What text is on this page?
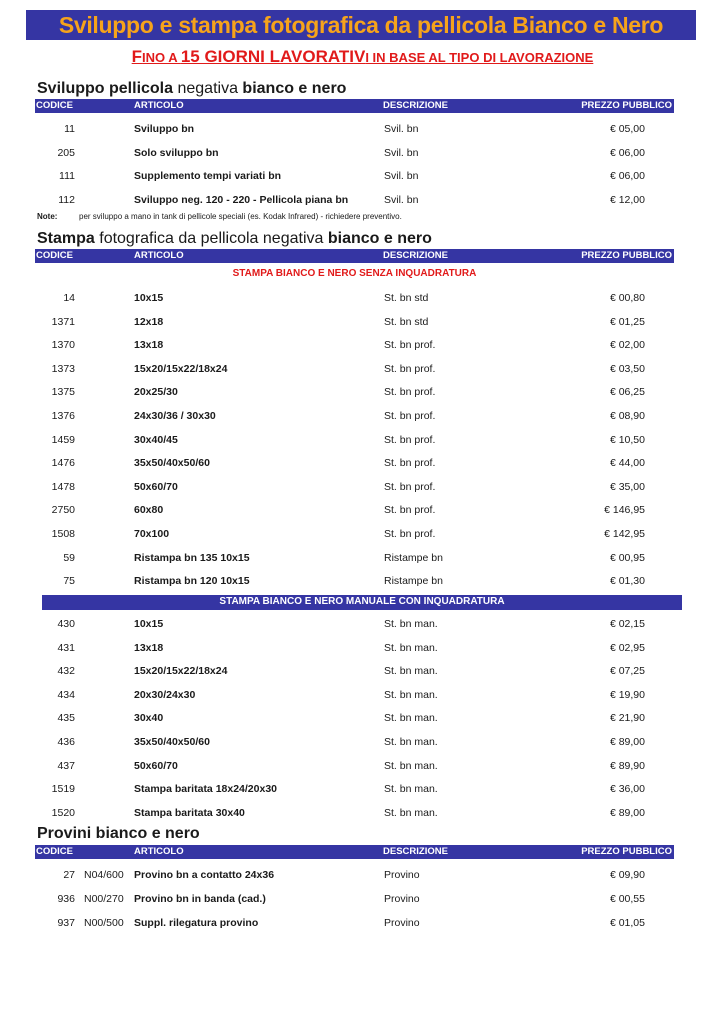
Sviluppo e stampa fotografica da pellicola Bianco e Nero
FINO A 15 GIORNI LAVORATIVI IN BASE AL TIPO DI LAVORAZIONE
Sviluppo pellicola negativa bianco e nero
CODICE	ARTICOLO	DESCRIZIONE	PREZZO PUBBLICO
11	Sviluppo bn	Svil. bn	€ 05,00
205	Solo sviluppo bn	Svil. bn	€ 06,00
111	Supplemento tempi variati bn	Svil. bn	€ 06,00
112	Sviluppo neg. 120 - 220 - Pellicola piana bn	Svil. bn	€ 12,00
Note:	per sviluppo a mano in tank di pellicole speciali (es. Kodak Infrared) - richiedere preventivo.
Stampa fotografica da pellicola negativa bianco e nero
CODICE	ARTICOLO	DESCRIZIONE	PREZZO PUBBLICO
STAMPA BIANCO E NERO SENZA INQUADRATURA
14	10x15	St. bn std	€ 00,80
1371	12x18	St. bn std	€ 01,25
1370	13x18	St. bn prof.	€ 02,00
1373	15x20/15x22/18x24	St. bn prof.	€ 03,50
1375	20x25/30	St. bn prof.	€ 06,25
1376	24x30/36 / 30x30	St. bn prof.	€ 08,90
1459	30x40/45	St. bn prof.	€ 10,50
1476	35x50/40x50/60	St. bn prof.	€ 44,00
1478	50x60/70	St. bn prof.	€ 35,00
2750	60x80	St. bn prof.	€ 146,95
1508	70x100	St. bn prof.	€ 142,95
59	Ristampa bn 135 10x15	Ristampe bn	€ 00,95
75	Ristampa bn 120 10x15	Ristampe bn	€ 01,30
STAMPA BIANCO E NERO MANUALE CON INQUADRATURA
430	10x15	St. bn man.	€ 02,15
431	13x18	St. bn man.	€ 02,95
432	15x20/15x22/18x24	St. bn man.	€ 07,25
434	20x30/24x30	St. bn man.	€ 19,90
435	30x40	St. bn man.	€ 21,90
436	35x50/40x50/60	St. bn man.	€ 89,00
437	50x60/70	St. bn man.	€ 89,90
1519	Stampa baritata 18x24/20x30	St. bn man.	€ 36,00
1520	Stampa baritata 30x40	St. bn man.	€ 89,00
Provini bianco e nero
CODICE	ARTICOLO	DESCRIZIONE	PREZZO PUBBLICO
27 N04/600 Provino bn a contatto 24x36	Provino	€ 09,90
936 N00/270 Provino bn in banda (cad.)	Provino	€ 00,55
937 N00/500 Suppl. rilegatura provino	Provino	€ 01,05
